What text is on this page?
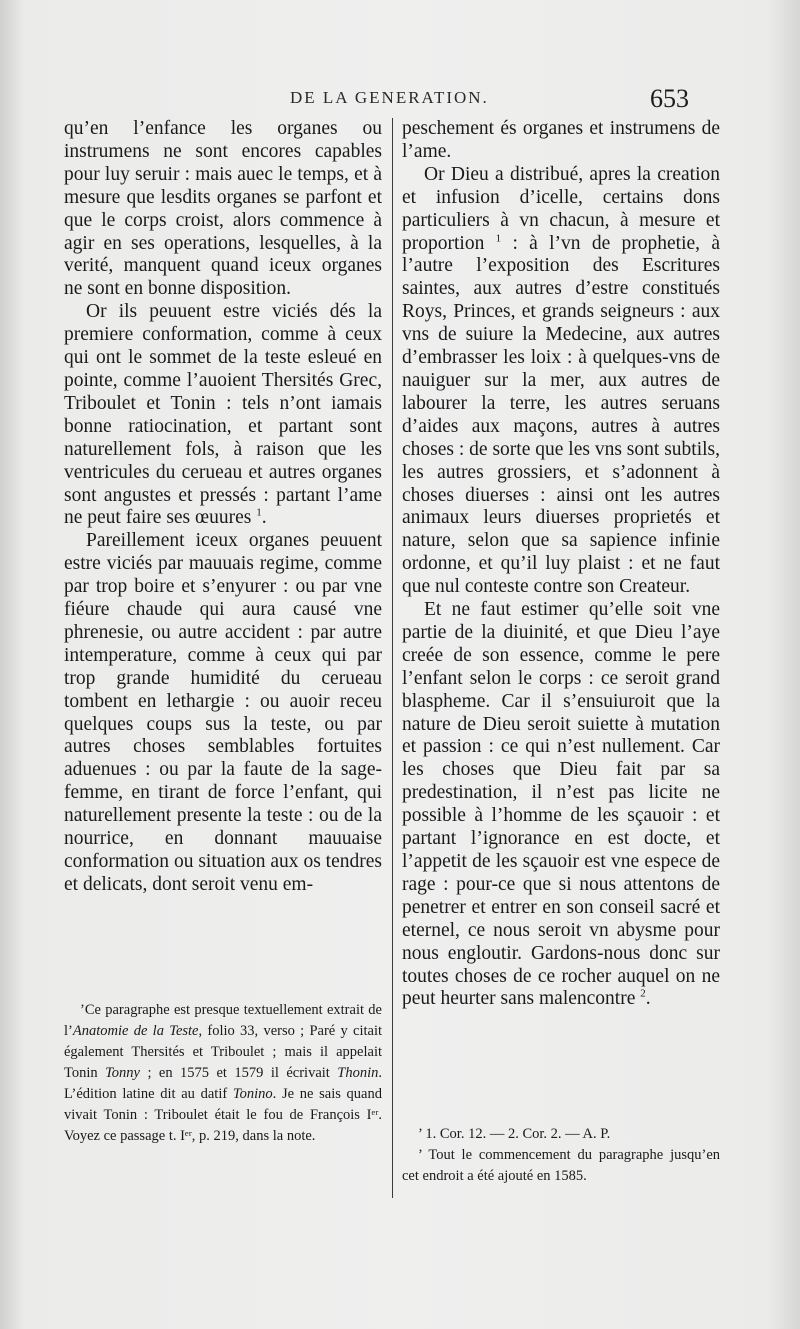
DE LA GENERATION.	653

qu’en l’enfance les organes ou instrumens ne sont encores capables pour luy seruir : mais auec le temps, et à mesure que lesdits organes se parfont et que le corps croist, alors commence à agir en ses operations, lesquelles, à la verité, manquent quand iceux organes ne sont en bonne disposition.

Or ils peuuent estre viciés dés la premiere conformation, comme à ceux qui ont le sommet de la teste esleué en pointe, comme l’auoient Thersités Grec, Triboulet et Tonin : tels n’ont iamais bonne ratiocination, et partant sont naturellement fols, à raison que les ventricules du cerueau et autres organes sont angustes et pressés : partant l’ame ne peut faire ses œuures $^1$.

Pareillement iceux organes peuuent estre viciés par mauuais regime, comme par trop boire et s’enyurer : ou par vne fiéure chaude qui aura causé vne phrenesie, ou autre accident : par autre intemperature, comme à ceux qui par trop grande humidité du cerueau tombent en lethargie : ou auoir receu quelques coups sus la teste, ou par autres choses semblables fortuites aduenues : ou par la faute de la sage-femme, en tirant de force l’enfant, qui naturellement presente la teste : ou de la nourrice, en donnant mauuaise conformation ou situation aux os tendres et delicats, dont seroit venu em-

peschement és organes et instrumens de l’ame.

Or Dieu a distribué, apres la creation et infusion d’icelle, certains dons particuliers à vn chacun, à mesure et proportion $^1$ : à l’vn de prophetie, à l’autre l’exposition des Escritures saintes, aux autres d’estre constitués Roys, Princes, et grands seigneurs : aux vns de suiure la Medecine, aux autres d’embrasser les loix : à quelques-vns de nauiguer sur la mer, aux autres de labourer la terre, les autres seruans d’aides aux maçons, autres à autres choses : de sorte que les vns sont subtils, les autres grossiers, et s’adonnent à choses diuerses : ainsi ont les autres animaux leurs diuerses proprietés et nature, selon que sa sapience infinie ordonne, et qu’il luy plaist : et ne faut que nul conteste contre son Createur.

Et ne faut estimer qu’elle soit vne partie de la diuinité, et que Dieu l’aye creée de son essence, comme le pere l’enfant selon le corps : ce seroit grand blaspheme. Car il s’ensuiuroit que la nature de Dieu seroit suiette à mutation et passion : ce qui n’est nullement. Car les choses que Dieu fait par sa predestination, il n’est pas licite ne possible à l’homme de les sçauoir : et partant l’ignorance en est docte, et l’appetit de les sçauoir est vne espece de rage : pour-ce que si nous attentons de penetrer et entrer en son conseil sacré et eternel, ce nous seroit vn abysme pour nous engloutir. Gardons-nous donc sur toutes choses de ce rocher auquel on ne peut heurter sans malencontre $^2$.

’Ce paragraphe est presque textuellement extrait de l’Anatomie de la Teste, folio 33, verso ; Paré y citait également Thersités et Triboulet ; mais il appelait Tonin Tonny ; en 1575 et 1579 il écrivait Thonin. L’édition latine dit au datif Tonino. Je ne sais quand vivait Tonin : Triboulet était le fou de François Iᵉʳ. Voyez ce passage t. Iᵉʳ, p. 219, dans la note.	’ 1. Cor. 12. — 2. Cor. 2. — A. P.

’ Tout le commencement du paragraphe jusqu’en cet endroit a été ajouté en 1585.
